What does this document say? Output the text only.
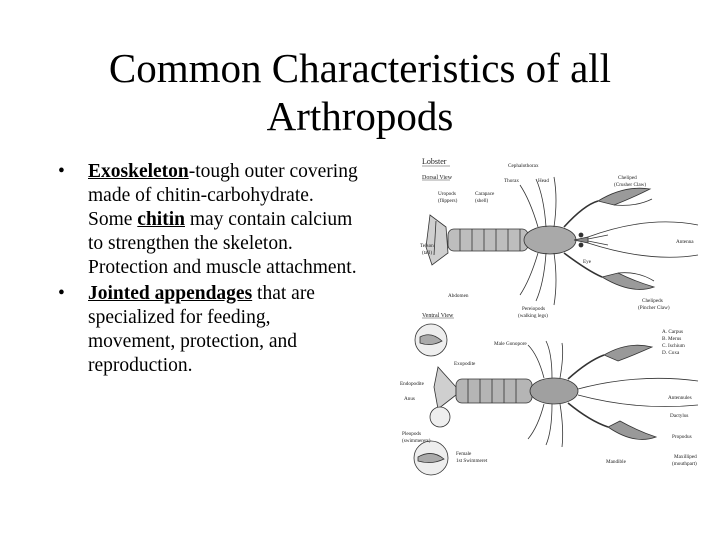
Common Characteristics of all
Arthropods
• Exoskeleton-tough outer covering made of chitin-carbohydrate. Some chitin may contain calcium to strengthen the skeleton. Protection and muscle attachment.
• Jointed appendages that are specialized for feeding, movement, protection, and reproduction.
Lobster
Dorsal View
Cephalothorax
Thorax	Head	Cheliped
(Crusher Claw)
Uropods
(flippers)
Carapace
(shell)
Antenna
Telson
(tail)
Eye
Abdomen
Pereiopods
(walking legs)
Chelipeds
(Pincher Claw)
Ventral View
Male Gonopore
A. Carpus
B. Merus
C. Ischium
D. Coxa
Exopodite
Endopodite
Anus
Pleopods
(swimmerets)
Female
1st Swimmeret
Antennules
Dactylus
Propodus
Maxilliped
(mouthpart)
Mandible
